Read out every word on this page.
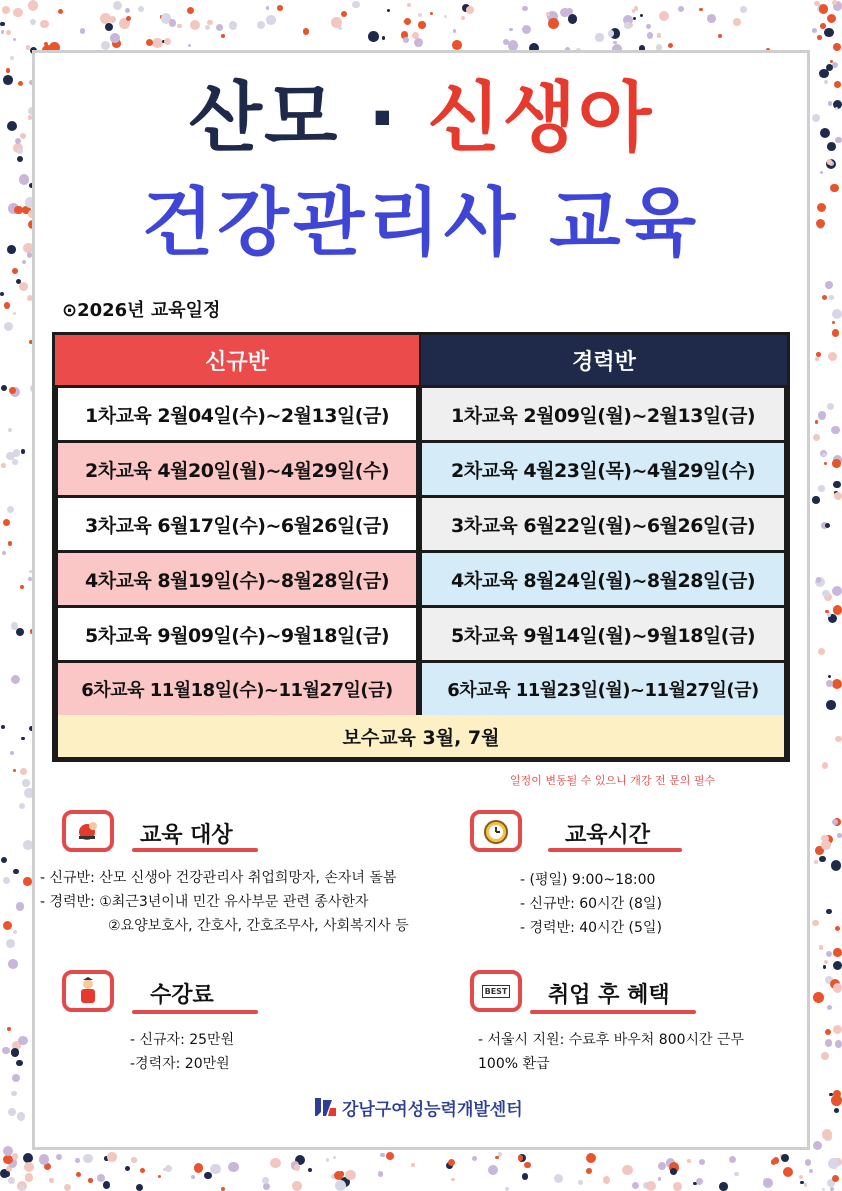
산모 · 신생아
건강관리사 교육
⊙2026년 교육일정
신규반	경력반
1차교육 2월04일(수)~2월13일(금)	1차교육 2월09일(월)~2월13일(금)
2차교육 4월20일(월)~4월29일(수)	2차교육 4월23일(목)~4월29일(수)
3차교육 6월17일(수)~6월26일(금)	3차교육 6월22일(월)~6월26일(금)
4차교육 8월19일(수)~8월28일(금)	4차교육 8월24일(월)~8월28일(금)
5차교육 9월09일(수)~9월18일(금)	5차교육 9월14일(월)~9월18일(금)
6차교육 11월18일(수)~11월27일(금)	6차교육 11월23일(월)~11월27일(금)
보수교육 3월, 7월
일정이 변동될 수 있으니 개강 전 문의 필수
교육 대상
- 신규반: 산모 신생아 건강관리사 취업희망자, 손자녀 돌봄
- 경력반: ①최근3년이내 민간 유사부문 관련 종사한자
②요양보호사, 간호사, 간호조무사, 사회복지사 등
교육시간
- (평일) 9:00~18:00
- 신규반: 60시간 (8일)
- 경력반: 40시간 (5일)
수강료
- 신규자: 25만원
-경력자: 20만원
BEST 취업 후 혜택
- 서울시 지원: 수료후 바우처 800시간 근무
100% 환급
강남구여성능력개발센터
